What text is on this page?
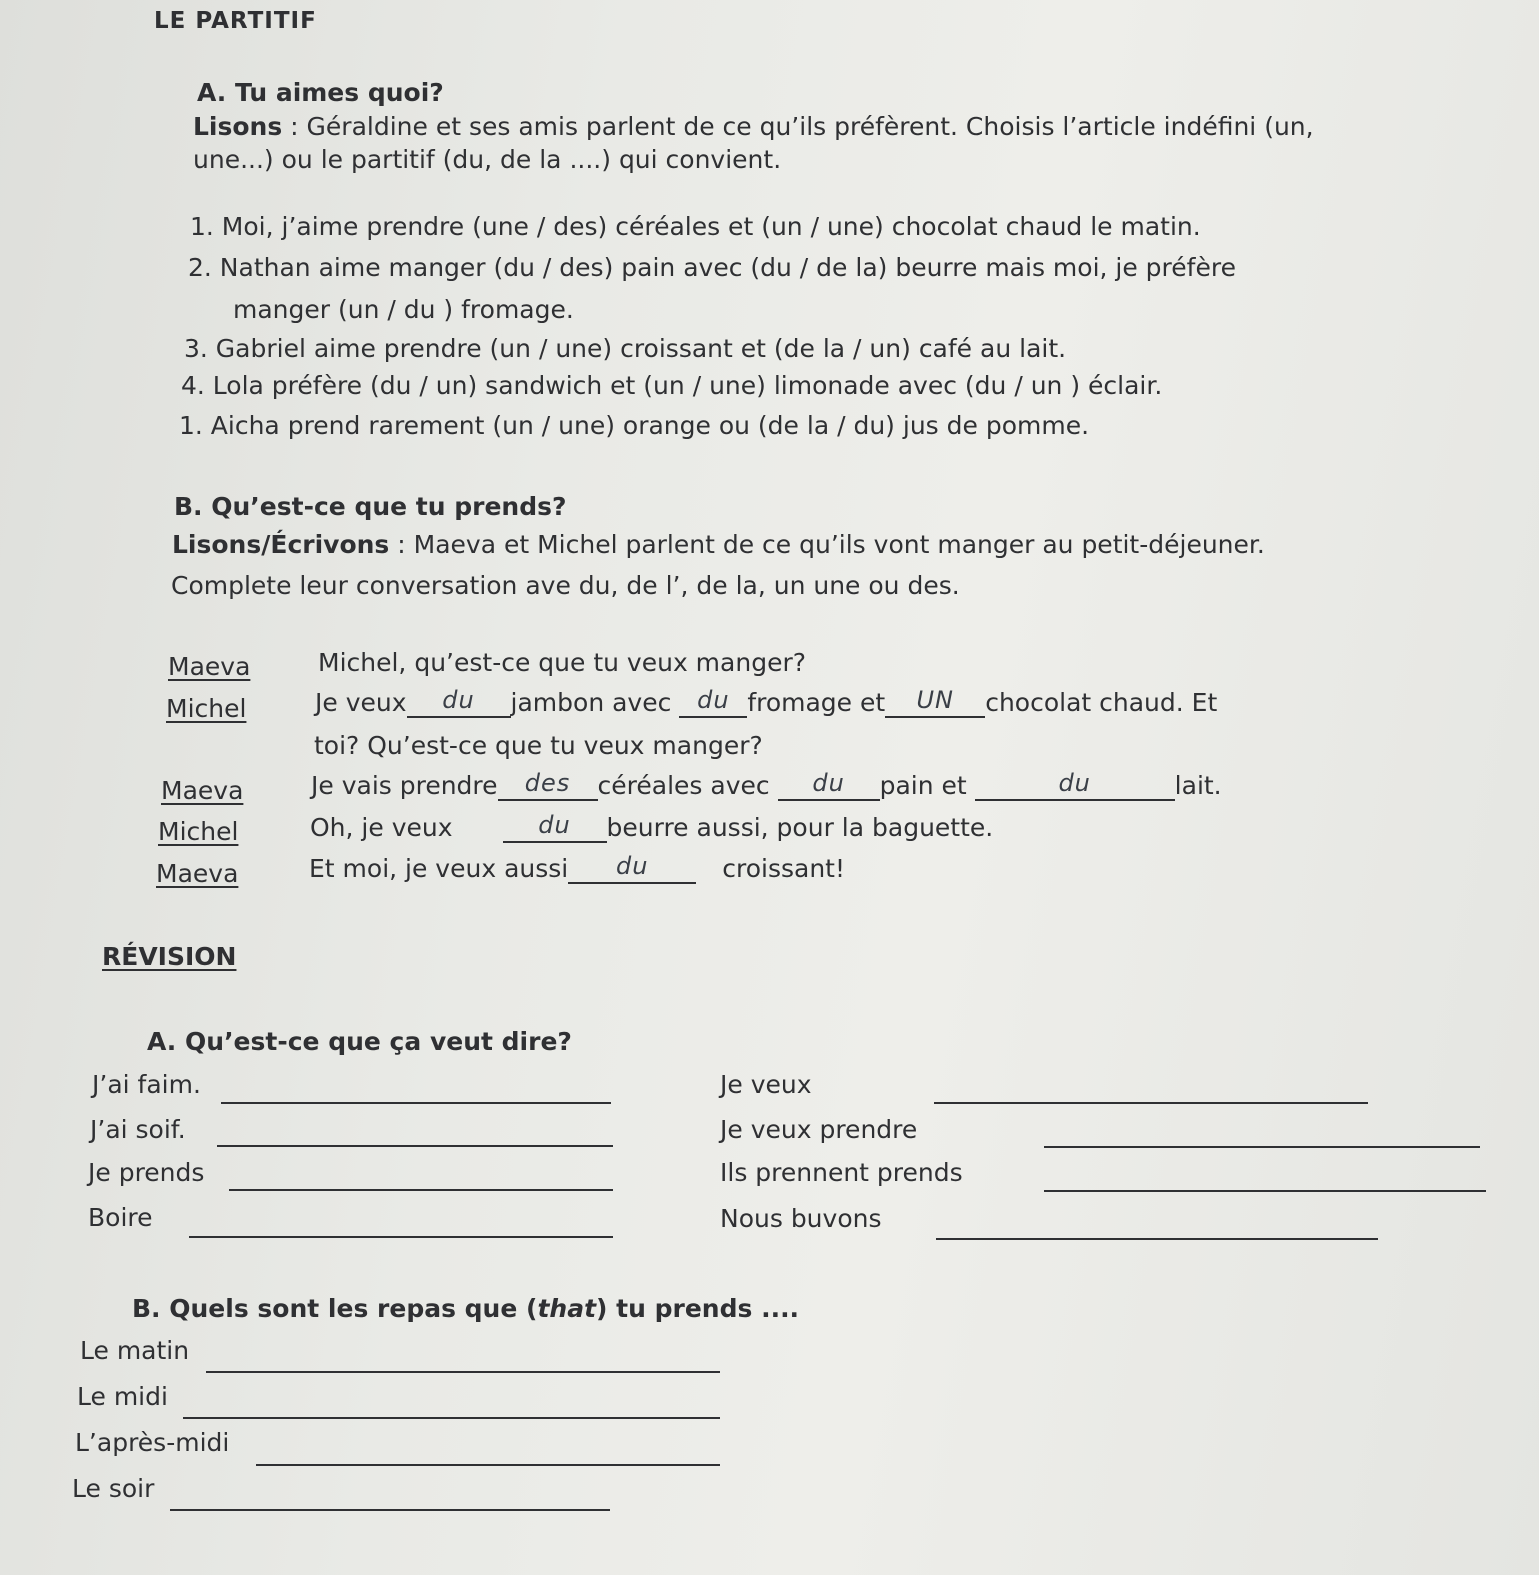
LE PARTITIF
A. Tu aimes quoi?
Lisons : Géraldine et ses amis parlent de ce qu’ils préfèrent. Choisis l’article indéfini (un,
une...) ou le partitif (du, de la ....) qui convient.
1. Moi, j’aime prendre (une / des) céréales et (un / une) chocolat chaud le matin.
2. Nathan aime manger (du / des) pain avec (du / de la) beurre mais moi, je préfère
manger (un / du ) fromage.
3. Gabriel aime prendre (un / une) croissant et (de la / un) café au lait.
4. Lola préfère (du / un) sandwich et (un / une) limonade avec (du / un ) éclair.
1. Aicha prend rarement (un / une) orange ou (de la / du) jus de pomme.
B. Qu’est-ce que tu prends?
Lisons/Écrivons : Maeva et Michel parlent de ce qu’ils vont manger au petit-déjeuner.
Complete leur conversation ave du, de l’, de la, un une ou des.
Maeva	Michel, qu’est-ce que tu veux manger?
Michel	Je veux du jambon avec du fromage et UN chocolat chaud. Et
toi? Qu’est-ce que tu veux manger?
Maeva	Je vais prendre des céréales avec du pain et	du	lait.
Michel	Oh, je veux	du beurre aussi, pour la baguette.
Maeva	Et moi, je veux aussi du	croissant!
RÉVISION
A. Qu’est-ce que ça veut dire?
J’ai faim.
J’ai soif.
Je prends
Boire
Je veux
Je veux prendre
Ils prennent prends
Nous buvons
B. Quels sont les repas que (that) tu prends ....
Le matin
Le midi
L’après-midi
Le soir
